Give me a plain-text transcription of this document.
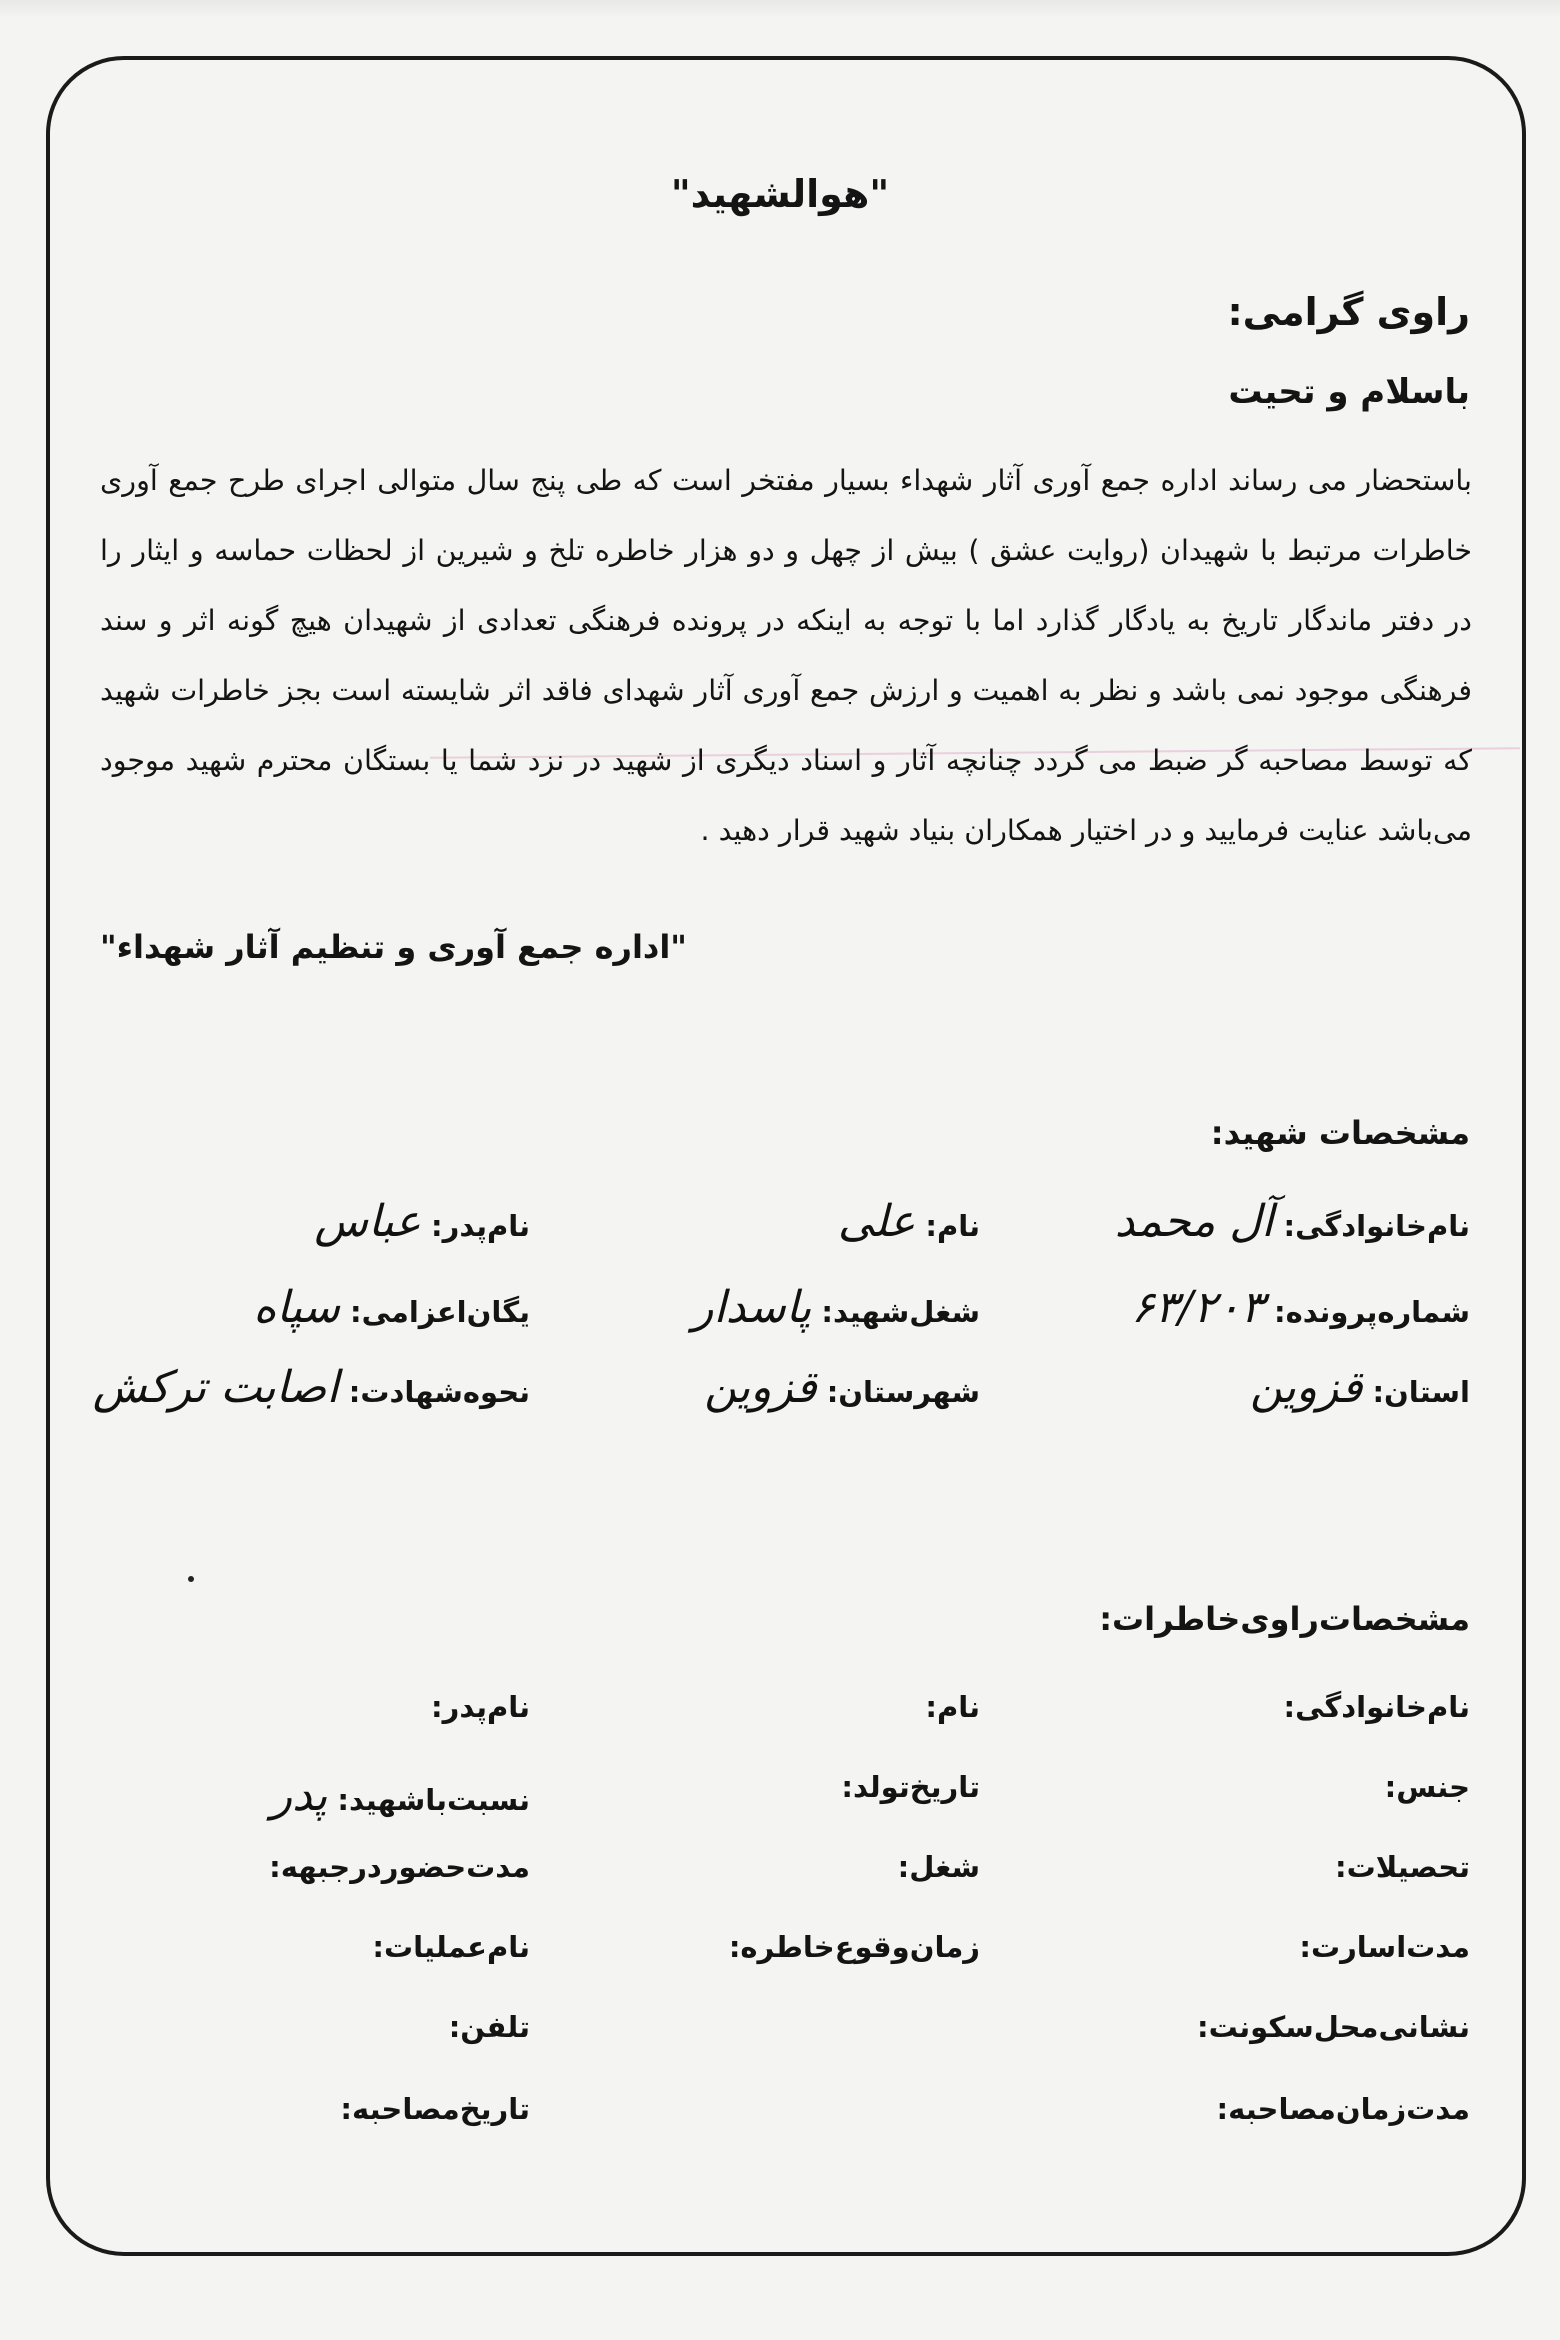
"هوالشهید"
راوی گرامی:
باسلام و تحیت
باستحضار می رساند اداره جمع آوری آثار شهداء بسیار مفتخر است که طی پنج سال متوالی اجرای طرح جمع آوری خاطرات مرتبط با شهیدان (روایت عشق ) بیش از چهل و دو هزار خاطره تلخ و شیرین از لحظات حماسه و ایثار را در دفتر ماندگار تاریخ به یادگار گذارد اما با توجه به اینکه در پرونده فرهنگی تعدادی از شهیدان هیچ گونه اثر و سند فرهنگی موجود نمی باشد و نظر به اهمیت و ارزش جمع آوری آثار شهدای فاقد اثر شایسته است بجز خاطرات شهید که توسط مصاحبه گر ضبط می گردد چنانچه آثار و اسناد دیگری از شهید در نزد شما یا بستگان محترم شهید موجود می‌باشد عنایت فرمایید و در اختیار همکاران بنیاد شهید قرار دهید .
"اداره جمع آوری و تنظیم آثار شهداء"
مشخصات شهید:
نام‌خانوادگی:
آل محمد
نام:
علی
نام‌پدر:
عباس
شماره‌پرونده:
۶۳/۲۰۳
شغل‌شهید:
پاسدار
یگان‌اعزامی:
سپاه
استان:
قزوین
شهرستان:
قزوین
نحوه‌شهادت:
اصابت ترکش
مشخصات‌راوی‌خاطرات:
نام‌خانوادگی:
نام:
نام‌پدر:
جنس:
تاریخ‌تولد:
نسبت‌باشهید:
پدر
تحصیلات:
شغل:
مدت‌حضوردرجبهه:
مدت‌اسارت:
زمان‌وقوع‌خاطره:
نام‌عملیات:
نشانی‌محل‌سکونت:
تلفن:
مدت‌زمان‌مصاحبه:
تاریخ‌مصاحبه:
